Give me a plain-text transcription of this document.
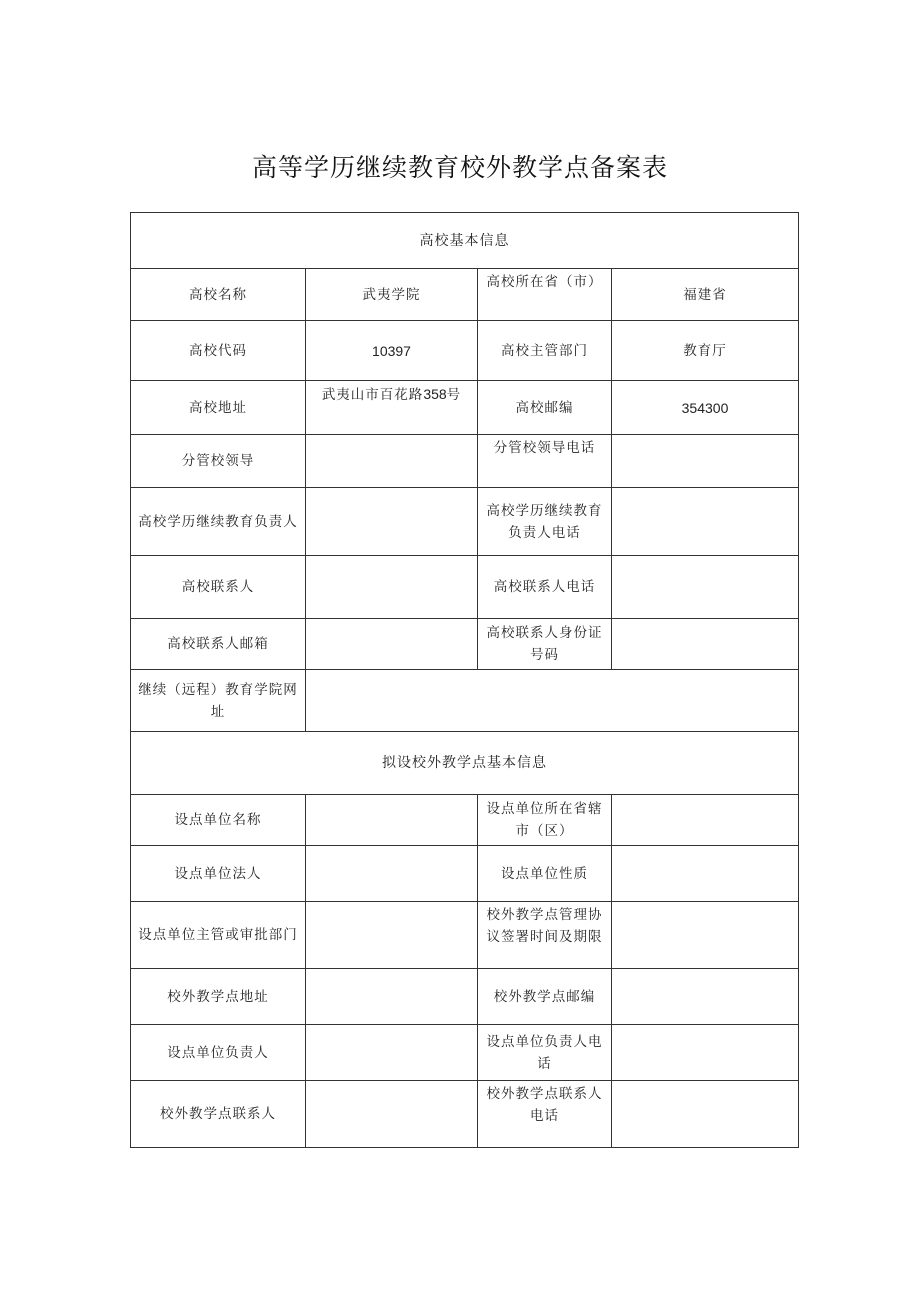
高等学历继续教育校外教学点备案表
高校基本信息			
高校名称	武夷学院	高校所在省（市）	福建省
高校代码	10397	高校主管部门	教育厅
高校地址	武夷山市百花路358号	高校邮编	354300
分管校领导		分管校领导电话	
高校学历继续教育负责人		高校学历继续教育负责人电话	
高校联系人		高校联系人电话	
高校联系人邮箱		高校联系人身份证号码	
继续（远程）教育学院网址			
拟设校外教学点基本信息			
设点单位名称		设点单位所在省辖市（区）	
设点单位法人		设点单位性质	
设点单位主管或审批部门		校外教学点管理协议签署时间及期限	
校外教学点地址		校外教学点邮编	
设点单位负责人		设点单位负责人电话	
校外教学点联系人		校外教学点联系人电话	
